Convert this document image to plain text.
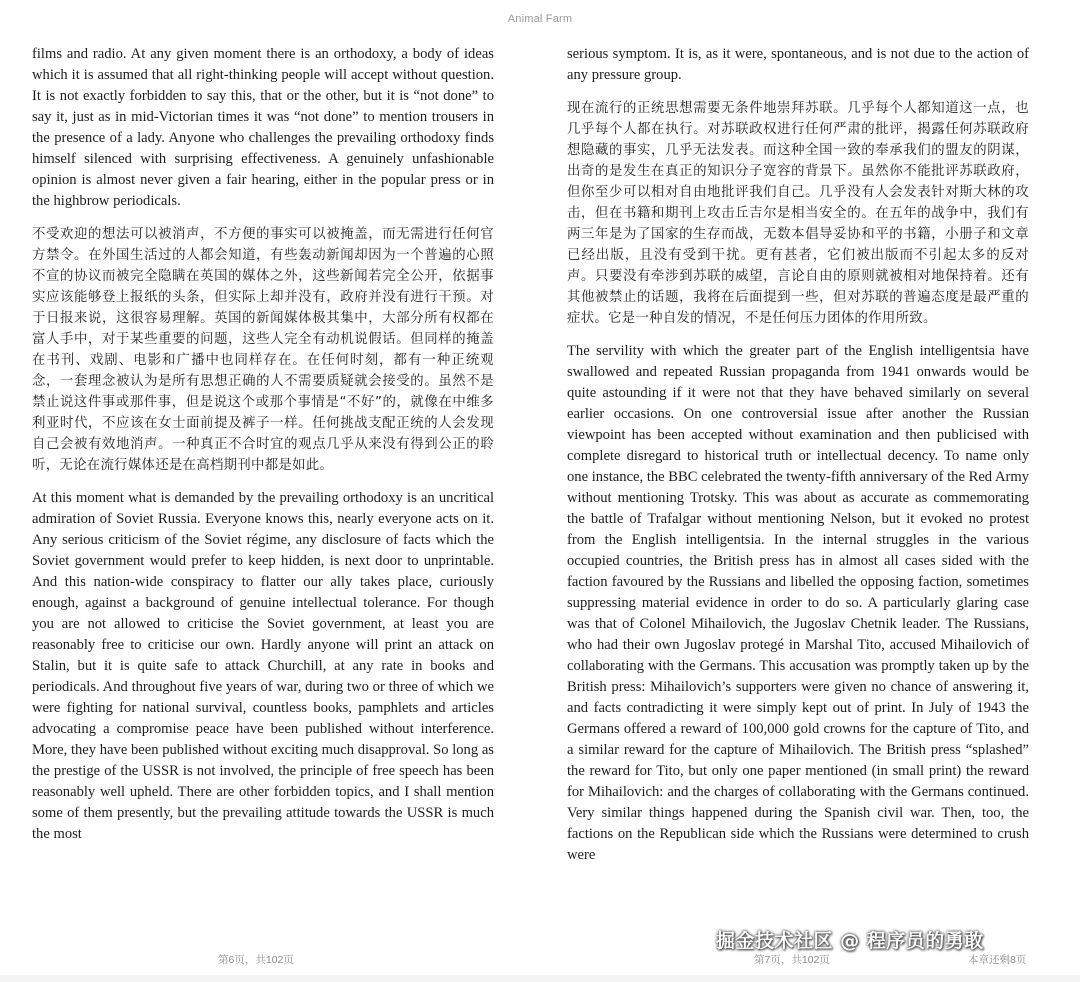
Animal Farm

films and radio. At any given moment there is an orthodoxy, a body of ideas which it is assumed that all right-thinking people will accept without question. It is not exactly forbidden to say this, that or the other, but it is “not done” to say it, just as in mid-Victorian times it was “not done” to mention trousers in the presence of a lady. Anyone who challenges the prevailing orthodoxy finds himself silenced with surprising effectiveness. A genuinely unfashionable opinion is almost never given a fair hearing, either in the popular press or in the highbrow periodicals.

不受欢迎的想法可以被消声，不方便的事实可以被掩盖，而无需进行任何官方禁令。在外国生活过的人都会知道，有些轰动新闻却因为一个普遍的心照不宣的协议而被完全隐瞒在英国的媒体之外，这些新闻若完全公开，依据事实应该能够登上报纸的头条，但实际上却并没有，政府并没有进行干预。对于日报来说，这很容易理解。英国的新闻媒体极其集中，大部分所有权都在富人手中，对于某些重要的问题，这些人完全有动机说假话。但同样的掩盖在书刊、戏剧、电影和广播中也同样存在。在任何时刻，都有一种正统观念，一套理念被认为是所有思想正确的人不需要质疑就会接受的。虽然不是禁止说这件事或那件事，但是说这个或那个事情是“不好”的，就像在中维多利亚时代，不应该在女士面前提及裤子一样。任何挑战支配正统的人会发现自己会被有效地消声。一种真正不合时宜的观点几乎从来没有得到公正的聆听，无论在流行媒体还是在高档期刊中都是如此。

At this moment what is demanded by the prevailing orthodoxy is an uncritical admiration of Soviet Russia. Everyone knows this, nearly everyone acts on it. Any serious criticism of the Soviet régime, any disclosure of facts which the Soviet government would prefer to keep hidden, is next door to unprintable. And this nation-wide conspiracy to flatter our ally takes place, curiously enough, against a background of genuine intellectual tolerance. For though you are not allowed to criticise the Soviet government, at least you are reasonably free to criticise our own. Hardly anyone will print an attack on Stalin, but it is quite safe to attack Churchill, at any rate in books and periodicals. And throughout five years of war, during two or three of which we were fighting for national survival, countless books, pamphlets and articles advocating a compromise peace have been published without interference. More, they have been published without exciting much disapproval. So long as the prestige of the USSR is not involved, the principle of free speech has been reasonably well upheld. There are other forbidden topics, and I shall mention some of them presently, but the prevailing attitude towards the USSR is much the most

serious symptom. It is, as it were, spontaneous, and is not due to the action of any pressure group.

现在流行的正统思想需要无条件地崇拜苏联。几乎每个人都知道这一点，也几乎每个人都在执行。对苏联政权进行任何严肃的批评，揭露任何苏联政府想隐藏的事实，几乎无法发表。而这种全国一致的奉承我们的盟友的阴谋，出奇的是发生在真正的知识分子宽容的背景下。虽然你不能批评苏联政府，但你至少可以相对自由地批评我们自己。几乎没有人会发表针对斯大林的攻击，但在书籍和期刊上攻击丘吉尔是相当安全的。在五年的战争中，我们有两三年是为了国家的生存而战，无数本倡导妥协和平的书籍，小册子和文章已经出版，且没有受到干扰。更有甚者，它们被出版而不引起太多的反对声。只要没有牵涉到苏联的威望，言论自由的原则就被相对地保持着。还有其他被禁止的话题，我将在后面提到一些，但对苏联的普遍态度是最严重的症状。它是一种自发的情况，不是任何压力团体的作用所致。

The servility with which the greater part of the English intelligentsia have swallowed and repeated Russian propaganda from 1941 onwards would be quite astounding if it were not that they have behaved similarly on several earlier occasions. On one controversial issue after another the Russian viewpoint has been accepted without examination and then publicised with complete disregard to historical truth or intellectual decency. To name only one instance, the BBC celebrated the twenty-fifth anniversary of the Red Army without mentioning Trotsky. This was about as accurate as commemorating the battle of Trafalgar without mentioning Nelson, but it evoked no protest from the English intelligentsia. In the internal struggles in the various occupied countries, the British press has in almost all cases sided with the faction favoured by the Russians and libelled the opposing faction, sometimes suppressing material evidence in order to do so. A particularly glaring case was that of Colonel Mihailovich, the Jugoslav Chetnik leader. The Russians, who had their own Jugoslav protegé in Marshal Tito, accused Mihailovich of collaborating with the Germans. This accusation was promptly taken up by the British press: Mihailovich’s supporters were given no chance of answering it, and facts contradicting it were simply kept out of print. In July of 1943 the Germans offered a reward of 100,000 gold crowns for the capture of Tito, and a similar reward for the capture of Mihailovich. The British press “splashed” the reward for Tito, but only one paper mentioned (in small print) the reward for Mihailovich: and the charges of collaborating with the Germans continued. Very similar things happened during the Spanish civil war. Then, too, the factions on the Republican side which the Russians were determined to crush were

第6页，共102页	第7页，共102页	本章还剩8页
掘金技术社区 @ 程序员的勇敢
